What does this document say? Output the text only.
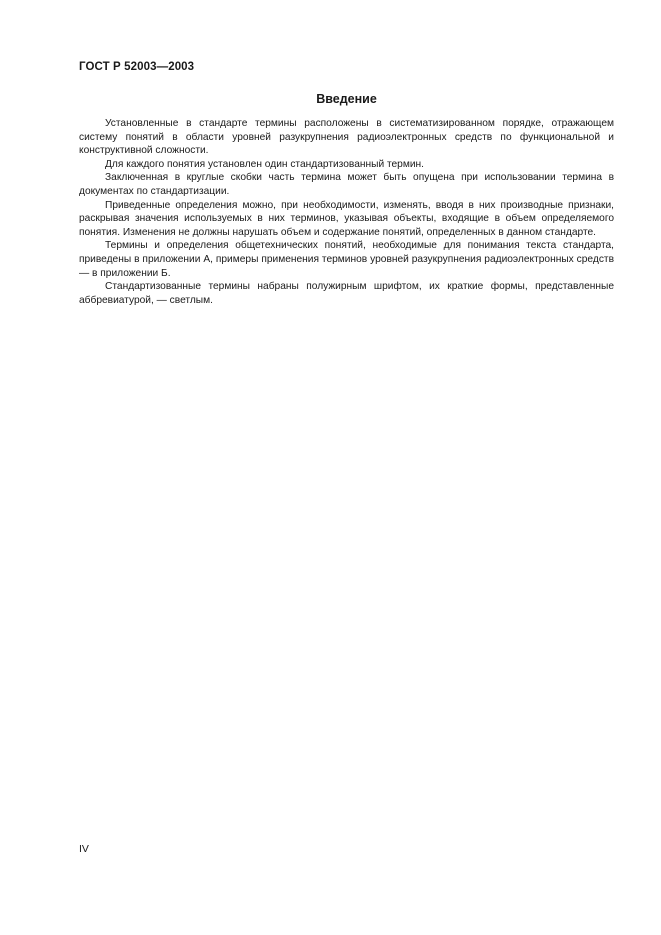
ГОСТ Р 52003—2003

Введение

Установленные в стандарте термины расположены в систематизированном порядке, отражающем систему понятий в области уровней разукрупнения радиоэлектронных средств по функциональной и конструктивной сложности.

Для каждого понятия установлен один стандартизованный термин.

Заключенная в круглые скобки часть термина может быть опущена при использовании термина в документах по стандартизации.

Приведенные определения можно, при необходимости, изменять, вводя в них производные признаки, раскрывая значения используемых в них терминов, указывая объекты, входящие в объем определяемого понятия. Изменения не должны нарушать объем и содержание понятий, определенных в данном стандарте.

Термины и определения общетехнических понятий, необходимые для понимания текста стандарта, приведены в приложении А, примеры применения терминов уровней разукрупнения радиоэлектронных средств — в приложении Б.

Стандартизованные термины набраны полужирным шрифтом, их краткие формы, представленные аббревиатурой, — светлым.

IV
